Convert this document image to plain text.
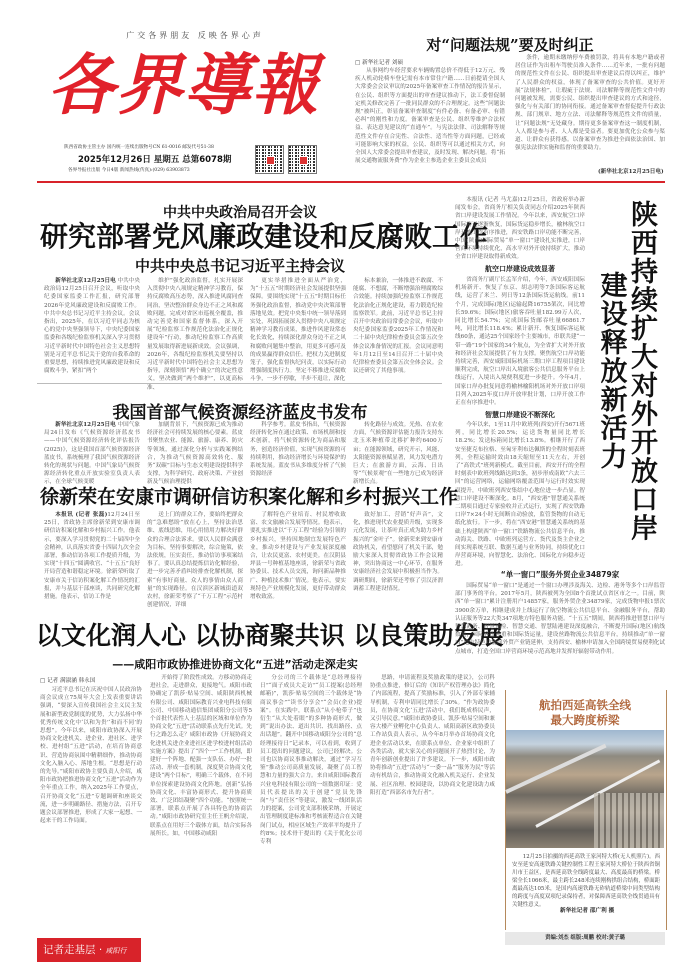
广交各界朋友 反映各界心声
各界導報
陕西省政协主管主办 国内统一连续出版物号CN 61-0016 邮发代号51-38
2025年12月26日 星期五 总第6078期
各界导报社出版 今日4版 新闻热线(传真):(029) 63903873
对“问题法规”要及时纠正
□ 新华社记者 刘硕
从事网约车经营要求车辆购置总价不得低于12万元、残疾人机动轮椅车登记需有本市常住户籍……日前提请全国人大常委会会议审议的2025年备案审查工作情况的报告显示，在公民、组织等方面提出的审查建议推动下，法工委督促制定机关修改完善了一批同民群众的不合理规定。这些“问题法规”被纠正，彰显备案审查制度“有件必备、有备必审、有错必纠”的刚性和力度。备案审查是公民、组织等维护合法权益、表达意见建议的“直通车”。与宪法法律、司法解释等规范性文件存在合宪性、合法性、适当性等方面问题，已经或可能影响大家的权益，公民、组织等可以通过相关方式，向全国人大常委会提出审查建议，及时发现、解决问题。将“拓展交通物流服务费”作为企业主参选企业主委员会成员
条件，逾期未缴纳停车费被罚款，将具有本地户籍或者居住证作为出租车驾驶员准入条件……近年来，一批有问题的规范性文件在公民、组织提出审查建议后得以纠正，维护了人民群众的权益，体现了备案审查的公共价值。更好开展“法规体检”，让瑕疵于法规、司法解释等规范性文件中的问题被发现，需要公民、组织提出审查建议的方式和途径，强化与有关部门的协同衔接。通过备案审查督促提升行政法规、部门规章、地方立法、司法解释等规范性文件的质量，让“问题法规”无处藏身。期待更多备案审查这一制度机制，人人都是参与者、人人都是受益者。要更加优化公众参与渠道、让群众有获得感。以备案审查为推进全面依法治国、加强宪法法律实施和监督的重要助力。
(新华社北京12月25日电)
中共中央政治局召开会议
研究部署党风廉政建设和反腐败工作
中共中央总书记习近平主持会议
新华社北京12月25日电 中共中央政治局12月25日召开会议，听取中央纪委国家监委工作汇报，研究部署2026年党风廉政建设和反腐败工作。中共中央总书记习近平主持会议。会议指出，2025年，在以习近平同志为核心的党中央坚强领导下，中央纪委国家监委和各级纪检监察机关深入学习贯彻习近平新时代中国特色社会主义思想特别是习近平总书记关于党的自我革命的重要思想，持续推进党风廉政建设和反腐败斗争，紧扣“两个
维护”强化政治监督，扎实开展深入贯彻中央八项规定精神学习教育，保持反腐败高压态势，深入推进风腐同查同治，坚决整治群众身边不正之风和腐败问题，完成对省区市巡视全覆盖，推动完善党和国家监督体系，深入开展“纪检监察工作规范化法治化正规化建设年”行动，推动纪检监察工作高质量发展取得新进展新成效。会议强调，2026年，各级纪检监察机关要坚持以习近平新时代中国特色社会主义思想为指导，深刻领悟“两个确立”的决定性意义，坚决做到“两个维护”，以更高标准、
更实举措推进全面从严治党，为“十五五”时期经济社会发展提供坚强保障。要围绕实现“十五五”时期目标任务强化政治监督，推动党中央决策部署落地见效。把党中央集中统一领导落到实处，巩固拓展深入贯彻中央八项规定精神学习教育成果，推进作风建设常态化长效化，持续深化群众身边不正之风和腐败问题集中整治，用更多可感可及的成果赢得群众信任。把权力关进制度笼子，强化监督执纪问责，以实际行动增强制度执行力。坚定不移推进反腐败斗争，一步不停歇，半步不退让，深化
标本兼治，一体推进不敢腐、不能腐、不想腐，不断增强治理腐败综合效能。持续加强纪检监察工作规范化法治化正规化建设，着力锻造纪检监察铁军。此前，习近平总书记主持召开中央政治局常委会会议，听取中央纪委国家监委2025年工作情况和二十届中央纪律检查委员会第五次全体会议准备情况的汇报。会议同意明年1月12日至14日召开二十届中央纪律检查委员会第五次全体会议。会议还研究了其他事项。
我国首部气候资源经济蓝皮书发布
新华社北京12月25日电 中国气象局24日发布《气候资源经济蓝皮书——中国气候资源经济转化评估报告(2025)》，这是我国首部气候资源经济蓝皮书，系统梳理了我国气候资源经济转化的现状与问题。中国气象局气候资源经济转化重点开放实验室负责人表示，在全球气候变暖
加剧背景下，气候资源已成为推动经济社会可持续发展的核心要素。蓝皮书聚焦农业、能源、旅游、康养、防灾等领域，通过深化分析与实践案例结合，为推动气候资源高效转化、服务“双碳”目标与生态文明建设提供科学支撑，为科学研究、政府决策、产业创新及气候治理提供
科学参考。蓝皮书指出，气候资源经济转化旨在通过政策、市场机制和技术创新，将气候资源转化为商品和服务，创造经济价值，实现气候资源的可持续利用，推动经济增长与环境保护的系统发展。蓝皮书从多维度分析了气候资源经济
转化路径与成效。光热、在农业方面，气候资源评估能力报告支持东北玉米种植带北移扩种约6400万亩；在能源领域，研究开示，风能、太阳能资源禀赋显著，风力发电潜力巨大；在旅游方面，云海、日出等“气候景观”在一些地方已成为经济新增长点。
徐新荣在安康市调研信访积案化解和乡村振兴工作
本报讯 (记者 张磊)12月24日至25日，省政协主席徐新荣到安康市调研信访积案化解和乡村振兴工作。他表示，要深入学习贯彻党的二十届四中全会精神，认真落实省委十四届九次全会部署，推动信访各项工作提质升级，为实现“十四五”圆满收官、“十五五”良好开局营造和谐稳定环境。徐新荣听取了安康市关于信访积案化解工作情况的汇报，并与基层干部座谈，共同研究化解措施。他表示，信访工作是
送上门的群众工作，要始终把群众的“急难愁盼”放在心上，坚持法治思维、底线思维，用心用情用力解决好群众的合理合法诉求。要以人民群众满意为目标，坚持事要解决，综合施策，依法依规，压实责任，推动信访事项案结事了。要认真总结提炼信访化解经验，进一步完善矛盾纠纷排查化解机制，探索“有事好商量、众人的事情由众人商量”的实现路径。在汉滨区新城街道双农村，徐新荣考察了“千万工程”示范村创建情况，详细
了解特色产业培育、村民增收致富、农文旅融合发展等情况。他表示，要扎实推进以“千万工程”经验为引领的乡村振兴，坚持因地制宜发展特色产业，推动乡村建设与产业发展深度融合，让农民更富、农村更美。在汉阴县坪县一号种植基地座谈，徐新荣与省政协委员、技术人员交流，询问新品种推广、种植技术推广情况。他表示，要实现特色产业规模化发展，更好带动群众增收致富。
致好加工、营销“好声音”，文化，推进现代农业提质升级，实现多元化发展，让茶叶真正成为助力乡村振兴的“金叶子”。徐新荣来到安康市政协机关，看望慰问了机关干部，勉励大家深入贯彻省政协工作会议精神，突出协商这一中心环节，在服务安康经济社会发展中积极担当作为。调研期间，徐新荣还考察了引汉济渭调蓄工程建设情况。
以文化润人心 以协商聚共识 以良策助发展
——咸阳市政协推进协商文化“五进”活动走深走实
□ 记者 满淑涵 韩永国
习近平总书记在庆祝中国人民政治协商会议成立75周年大会上发表重要讲话强调，“要深入宣传我国社会主义民主发展和新型政党制度的优势，大力弘扬中华优秀传统文化中‘以和为贵’‘和而不同’的思想”。今年以来，咸阳市政协深入开展协商文化进机关、进企业、进社区、进学校、进村组“五进”活动，在培育协商意识、营造协商氛围中精耕细作，推动协商文化入脑入心、落地生根。“思想是行动的先导。”咸阳市政协主要负责人介绍，咸阳市政协把推进协商文化“五进”活动作为全年重点工作，纳入2025年工作要点，召开协商文化“五进”专题调研和座谈交流，进一步明确路径、措施方法，召开专题会议部署推进，形成了大家一起想、一起来干的工作局面。
开始得了阶段性成效。方移动协商走进社会，走进群众，更接地气。咸阳市政协确定了凯莎·贴易空间、咸阳陕西机械有限公司、咸阳国际教育兴业电科技有限公司、中国移动通信集团咸阳分公司等5个首批代表性人士基层的区域和单位作为协商文化“五进”活动联系点先行先试。先行之路怎么走？咸阳市政协《开展协商文化进机关进企业进社区进学校进村组活动实施方案》提出了“四个一”工作机制，即建好一个阵地、配强一支队伍、办好一批活动、形成一套机制，深度契合协商文化建设“两个目标”，明确三个载体，在不同单位探索建设协商文化阵地。创新“弘扬协商文化、丰富协商形式、提升协商质效、广泛团结凝聚”四个功能。“按照统一部署，联系点开展了各具特色的协商活动。”咸阳市政协研究室主任王帆介绍说，联系点在用好三个载体方面，结合实际各展所长。如，中国移动咸阳
分公司的三个载体是“总经理接待日”“面子成员大走访”“员工提案(总经理邮箱)”，凯莎·贴易空间的三个载体是“协商议事会”“读书分享会”“会员(企业)提案”。在实践中，联系点“从小枪带子”也衍生“从大处着眼”的多种协商形式，做到“说出办法、道出共识、找出路径、点出话题”。翻开中国移动咸阳分公司的“总经理接待日”记录本，可以看到，收到了员工提出的问题建议，公司已经解决。公司也以协商议事推动解决，通过“学习互鉴”推动公司高质量发展，凝聚了员工智慧和力量的强大合力。来自咸阳国际教育兴业电科技有限公司的一组数据印证：党员代表提出的关于创建“党员先锋岗”与“责任区”等建议，激发一线团队活力的提案，公司党支部积极采纳，开展定出管理制度建标准和考核流程适合在关键岗门试点，相应区域生产效率平均提升了约8%；技术骨干提出的《关于优化公司专利
思路，申请流程及奖励政策的建议》，公司科协重点推进，修订后的《知识产权管理办法》简化了内部流程，提高了奖励标准，引入了外部专家辅导机制，专利申请同比增长了30%。“作为政协委员，在协商文化‘五进’活动中，我们既成桥民声，又引导民意。”咸阳市政协委员、凯莎·贴易空间和兼容大楼产业孵化中心负责人、咸阳高新区政协委员工作站负责人表示，从今年8月举办首场协商文化进企业活动以来，在联系点单位、企业家中组织了各类活动，就大家关心的问题展开了热烈讨论，为青年创新创业提出了许多建议。下一步，咸阳市政协将推动“五进”活动与“一委一品”“服务为民”等活动有机结合，推动协商文化融入机关运行、企业发展、社区治理、校园建设，以协商文化建设助力咸阳打造“西部名市先行者”。
记者走基层 · 咸阳行
本报讯 (记者 马尤嘉)12月25日，省政府举办新闻发布会，省商务厅相关负责同志介绍2025年陕西省口岸建设发展工作情况。今年以来，西安航空口岸国际客运逐渐恢复，国际货运稳步增长，榆林航空口岸开放工作有序推进，西安铁路口岸功能不断完善，中国(陕西)国际贸易“单一窗口”建设扎实推进，口岸营商环境持续优化，高水平对外开放持续扩大，推动全省口岸建设取得新成效。
航空口岸建设成效显著
省商务厅副厅长孟军介绍，今年，西安咸阳国际机场新开、恢复了东京、胡志明等7条国际客运航线，运营了米兰、列日等12条国际货运航线。前11个月，完成国际(地区)运输起降16755架次，同比增长59.6%；国际(地区)旅客吞吐量182.99万人次，同比增长54.7%；完成国际货邮吞吐量66861.7吨，同比增长118.4%；累计新开、恢复国际客运航线60条，通达25个国家经个主要城市，串联共建“一带一路”19个国家的34个航点，为全省扩大对外开放和经济社会发展提供了有力支撑。聚焦航空口岸功能持续完善，西安咸阳国际机场三期口岸工程项目建设顺利完成，航空口岸出入境旅客公共信息服务平台上线运行，入境出入境便利度进一步提升。今年4月，国家口岸办批复同意将榆林榆阳机场对外开放口岸项目列入2025年度口岸开放审批计划，口岸开放工作正在有序推进中。
智慧口岸建设不断深化
今年以来，1至11月中欧班列(西安)开行5671班列，同比增长20.5%；运送货物量同比增长18.2%；发送标箱同比增长13.8%。相继开行了西安至捷克布拉格、至匈牙利布达佩斯的全程时刻表班列，全程运输时效由18天缩短至11天左右，开创了“高铁式”班列新模式。截至目前，西安开行的全程时刻表中欧班列线路达到3条，初步形成南欧“六去三回”的运营网络，运输网络覆盖范围与运行时效实现双提升，中欧班列西安集结中心地位进一步凸显。智慧口岸建设不断深化。8月，“西安港”智慧通关系统二期项目通过专家验收并正式运行，实现了西安铁路口岸7×24小时无间断自动验放，监管货物的自动无纸化放行。下一步，将在“西安港”智慧通关系统的基础上构建陕西“单一窗口”铁路物流公共信息平台，推动海关、铁路、中欧班列运营方、货代及货主企业之间实现系统互联、数据互通与业务协同，持续优化口岸营商环境，向智慧化、法治化、国际化方向稳步迈进。
“单一窗口”服务外贸企业34879家
国际贸易“单一窗口”是通过一个窗口办理涉及海关、边检、港务等多个口岸监管部门事务的平台。2017年5月，陕西被列为全国8个首批试点省区市之一。目前，陕西“单一窗口”累计注册用户14857家，服务外贸企业34879家，完成货物申报1票次3900余万单，相继建成并上线运行了航空物流公共信息平台、金融服务平台，帮助认证服务等22大类347项地方特色服务功能。“十五五”期间，陕西将推进智慧口岸与智慧港务、智慧边检、智慧交通、智慧陆港建设深度融合，不断提升国际(地区)航线数量，国际客货并重和国际货运量，建设丝路物流公共信息平台，持续推动“单一窗口”地方特色功能向外贸产业链延伸，支持西安、榆林申请加入全国跨境贸易便利化试点城市，打造全国口岸营商环境示范高地并发挥好辐射带动作用。
陕西持续扩大对外开放口岸建设释放新活力
航拍西延高铁全线
最大跨度桥梁
12月25日拍摄的西延高铁王家河特大桥(无人机照片)。西安至延安高速铁路关键控制性工程王家河特大桥位于陕西省铜川市王益区，是西延高铁全线跨度最大、高度最高的桥梁。桥梁全长1066米，最主跨长248米连续刚构拱组合结构，桥面距离最高达105米，是国内高速铁路无砟轨道桥梁中同类型结构的跨度与高度双项纪录保持者，对保障西延高铁全线贯通具有关键性意义。
新华社记者 邵广利 摄
责编:刘杰 组版:周鹏 校对:黄子璐
